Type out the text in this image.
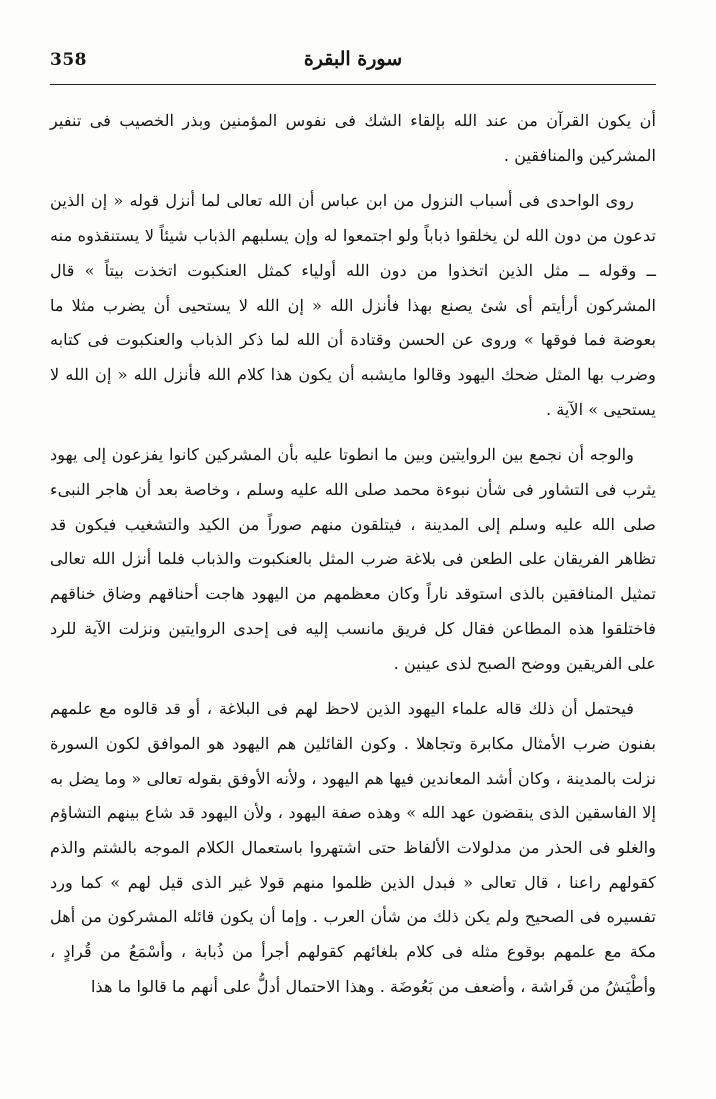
358	سورة البقرة

أن يكون القرآن من عند الله بإلقاء الشك فى نفوس المؤمنين وبذر الخصيب فى تنفير المشركين والمنافقين .

روى الواحدى فى أسباب النزول من ابن عباس أن الله تعالى لما أنزل قوله « إن الذين تدعون من دون الله لن يخلقوا ذباباً ولو اجتمعوا له وإن يسلبهم الذباب شيئاً لا يستنقذوه منه ــ وقوله ــ مثل الذين اتخذوا من دون الله أولياء كمثل العنكبوت اتخذت بيتاً » قال المشركون أرأيتم أى شئ يصنع بهذا فأنزل الله « إن الله لا يستحيى أن يضرب مثلا ما بعوضة فما فوقها » وروى عن الحسن وقتادة أن الله لما ذكر الذباب والعنكبوت فى كتابه وضرب بها المثل ضحك اليهود وقالوا مايشبه أن يكون هذا كلام الله فأنزل الله « إن الله لا يستحيى » الآية .

والوجه أن نجمع بين الروايتين وبين ما انطوتا عليه بأن المشركين كانوا يفزعون إلى يهود يثرب فى التشاور فى شأن نبوءة محمد صلى الله عليه وسلم ، وخاصة بعد أن هاجر النبىء صلى الله عليه وسلم إلى المدينة ، فيتلقون منهم صوراً من الكيد والتشغيب فيكون قد تظاهر الفريقان على الطعن فى بلاغة ضرب المثل بالعنكبوت والذباب فلما أنزل الله تعالى تمثيل المنافقين بالذى استوقد ناراً وكان معظمهم من اليهود هاجت أحناقهم وضاق خناقهم فاختلقوا هذه المطاعن فقال كل فريق مانسب إليه فى إحدى الروايتين ونزلت الآية للرد على الفريقين ووضح الصبح لذى عينين .

فيحتمل أن ذلك قاله علماء اليهود الذين لاحظ لهم فى البلاغة ، أو قد قالوه مع علمهم بفنون ضرب الأمثال مكابرة وتجاهلا . وكون القائلين هم اليهود هو الموافق لكون السورة نزلت بالمدينة ، وكان أشد المعاندين فيها هم اليهود ، ولأنه الأوفق بقوله تعالى « وما يضل به إلا الفاسقين الذى ينقضون عهد الله » وهذه صفة اليهود ، ولأن اليهود قد شاع بينهم التشاؤم والغلو فى الحذر من مدلولات الألفاظ حتى اشتهروا باستعمال الكلام الموجه بالشتم والذم كقولهم راعنا ، قال تعالى « فبدل الذين ظلموا منهم قولا غير الذى قيل لهم » كما ورد تفسيره فى الصحيح ولم يكن ذلك من شأن العرب . وإما أن يكون قائله المشركون من أهل مكة مع علمهم بوقوع مثله فى كلام بلغائهم كقولهم أجرأ من ذُبابة ، وأسْمَعُ من قُرادٍ ، وأطْيَشُ من فَراشة ، وأضعف من بَعُوضَة . وهذا الاحتمال أدلُّ على أنهم ما قالوا ما هذا
